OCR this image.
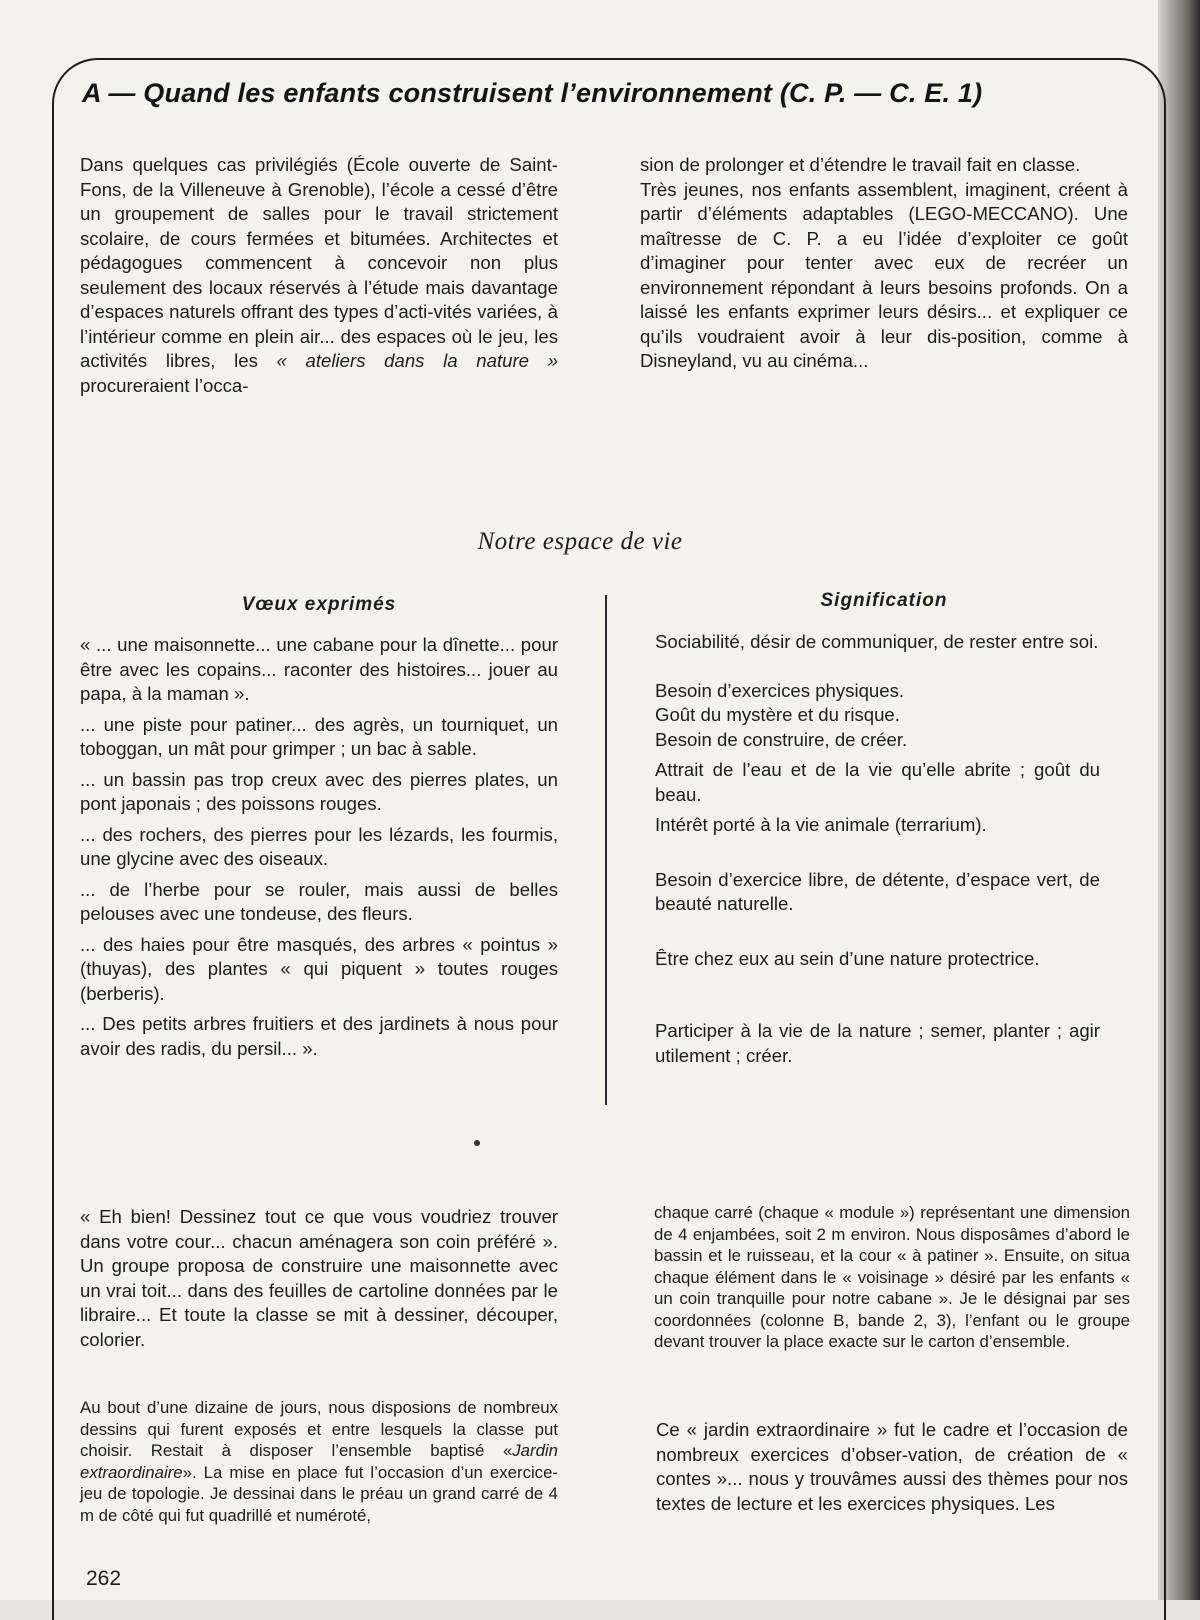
A — Quand les enfants construisent l’environnement (C. P. — C. E. 1)

Dans quelques cas privilégiés (École ouverte de Saint-Fons, de la Villeneuve à Grenoble), l’école a cessé d’être un groupement de salles pour le travail strictement scolaire, de cours fermées et bitumées. Architectes et pédagogues commencent à concevoir non plus seulement des locaux réservés à l’étude mais davantage d’espaces naturels offrant des types d’acti-vités variées, à l’intérieur comme en plein air... des espaces où le jeu, les activités libres, les « ateliers dans la nature » procureraient l’occa-

sion de prolonger et d’étendre le travail fait en classe.

Très jeunes, nos enfants assemblent, imaginent, créent à partir d’éléments adaptables (LEGO-MECCANO). Une maîtresse de C. P. a eu l’idée d’exploiter ce goût d’imaginer pour tenter avec eux de recréer un environnement répondant à leurs besoins profonds. On a laissé les enfants exprimer leurs désirs... et expliquer ce qu’ils voudraient avoir à leur dis-position, comme à Disneyland, vu au cinéma...

Notre espace de vie
Vœux exprimés	Signification

« ... une maisonnette... une cabane pour la dînette... pour être avec les copains... raconter des histoires... jouer au papa, à la maman ».

... une piste pour patiner... des agrès, un tourniquet, un toboggan, un mât pour grimper ; un bac à sable.

... un bassin pas trop creux avec des pierres plates, un pont japonais ; des poissons rouges.

... des rochers, des pierres pour les lézards, les fourmis, une glycine avec des oiseaux.

... de l’herbe pour se rouler, mais aussi de belles pelouses avec une tondeuse, des fleurs.

... des haies pour être masqués, des arbres « pointus » (thuyas), des plantes « qui piquent » toutes rouges (berberis).

... Des petits arbres fruitiers et des jardinets à nous pour avoir des radis, du persil... ».

Sociabilité, désir de communiquer, de rester entre soi.

Besoin d’exercices physiques.

Goût du mystère et du risque.

Besoin de construire, de créer.

Attrait de l’eau et de la vie qu’elle abrite ; goût du beau.

Intérêt porté à la vie animale (terrarium).

Besoin d’exercice libre, de détente, d’espace vert, de beauté naturelle.

Être chez eux au sein d’une nature protectrice.

Participer à la vie de la nature ; semer, planter ; agir utilement ; créer.

« Eh bien! Dessinez tout ce que vous voudriez trouver dans votre cour... chacun aménagera son coin préféré ». Un groupe proposa de construire une maisonnette avec un vrai toit... dans des feuilles de cartoline données par le libraire... Et toute la classe se mit à dessiner, découper, colorier.
Au bout d’une dizaine de jours, nous disposions de nombreux dessins qui furent exposés et entre lesquels la classe put choisir. Restait à disposer l’ensemble baptisé «Jardin extraordinaire». La mise en place fut l’occasion d’un exercice-jeu de topologie. Je dessinai dans le préau un grand carré de 4 m de côté qui fut quadrillé et numéroté,
chaque carré (chaque « module ») représentant une dimension de 4 enjambées, soit 2 m environ. Nous disposâmes d’abord le bassin et le ruisseau, et la cour « à patiner ». Ensuite, on situa chaque élément dans le « voisinage » désiré par les enfants « un coin tranquille pour notre cabane ». Je le désignai par ses coordonnées (colonne B, bande 2, 3), l’enfant ou le groupe devant trouver la place exacte sur le carton d’ensemble.
Ce « jardin extraordinaire » fut le cadre et l’occasion de nombreux exercices d’obser-vation, de création de « contes »... nous y trouvâmes aussi des thèmes pour nos textes de lecture et les exercices physiques. Les
262
